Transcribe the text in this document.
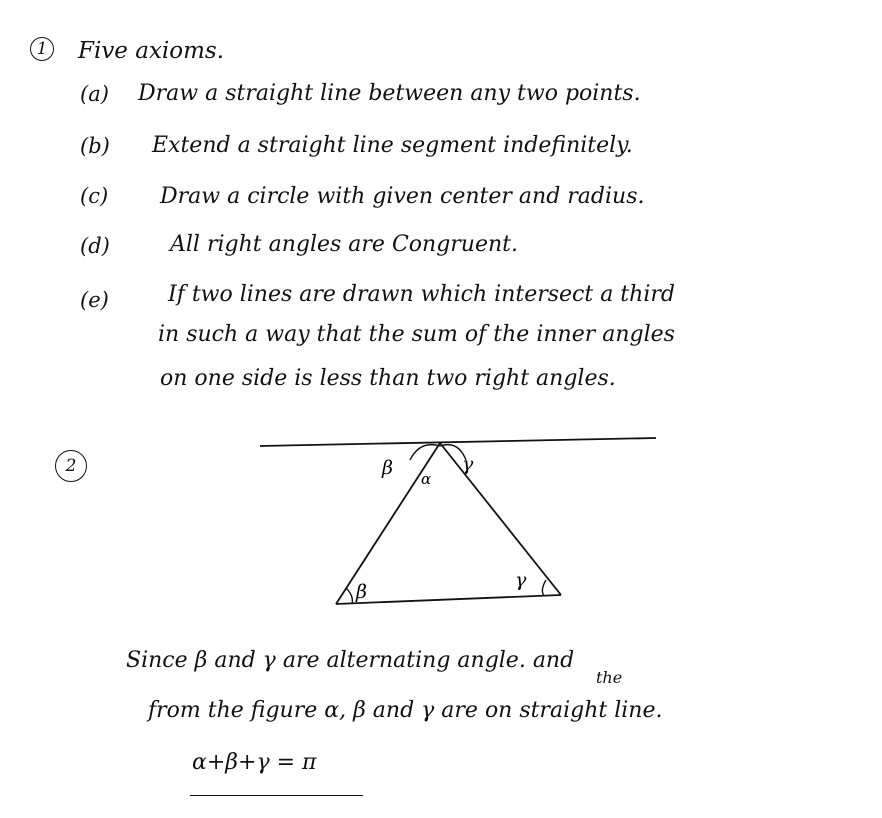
1 Five axioms.
(a) Draw a straight line between any two points.
(b) Extend a straight line segment indefinitely.
(c) Draw a circle with given center and radius.
(d)	All right angles are Congruent.
(e)	If two lines are drawn which intersect a third
in such a way that the sum of the inner angles
on one side is less than two right angles.
2	β α
γ
β
γ
Since β and γ are alternating angle. and
the
from the figure α, β and γ are on straight line.
α+β+γ = π
